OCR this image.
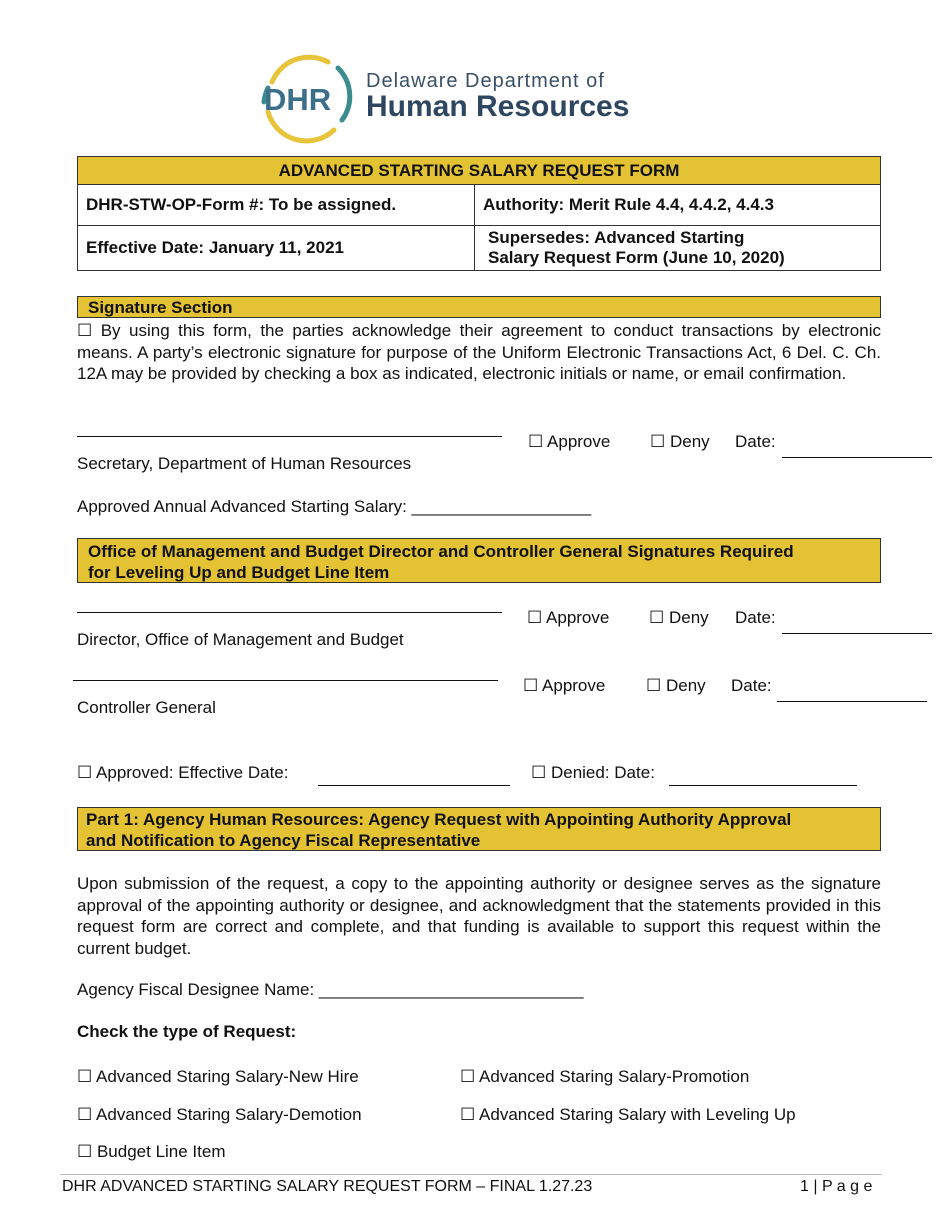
DHR
Delaware Department of
Human Resources
ADVANCED STARTING SALARY REQUEST FORM	
DHR-STW-OP-Form #: To be assigned.	Authority: Merit Rule 4.4, 4.4.2, 4.4.3
Effective Date: January 11, 2021	Supersedes: Advanced Starting
Salary Request Form (June 10, 2020)
Signature Section
☐ By using this form, the parties acknowledge their agreement to conduct transactions by electronic means. A party’s electronic signature for purpose of the Uniform Electronic Transactions Act, 6 Del. C. Ch. 12A may be provided by checking a box as indicated, electronic initials or name, or email confirmation.
☐ Approve ☐ Deny Date:
Secretary, Department of Human Resources
Approved Annual Advanced Starting Salary: ___________________
Office of Management and Budget Director and Controller General Signatures Required
for Leveling Up and Budget Line Item
☐ Approve ☐ Deny Date:
Director, Office of Management and Budget
☐ Approve ☐ Deny Date:
Controller General
☐ Approved: Effective Date:	☐ Denied: Date:
Part 1: Agency Human Resources: Agency Request with Appointing Authority Approval
and Notification to Agency Fiscal Representative
Upon submission of the request, a copy to the appointing authority or designee serves as the signature approval of the appointing authority or designee, and acknowledgment that the statements provided in this request form are correct and complete, and that funding is available to support this request within the current budget.
Agency Fiscal Designee Name: ____________________________
Check the type of Request:
☐ Advanced Staring Salary-New Hire	☐ Advanced Staring Salary-Promotion
☐ Advanced Staring Salary-Demotion	☐ Advanced Staring Salary with Leveling Up
☐ Budget Line Item
DHR ADVANCED STARTING SALARY REQUEST FORM – FINAL 1.27.23	1 | P a g e
